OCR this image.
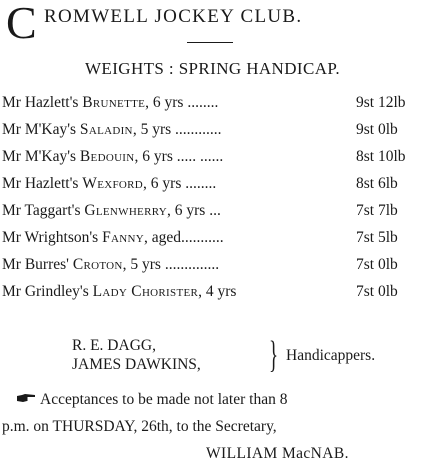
C ROMWELL JOCKEY CLUB.
WEIGHTS : SPRING HANDICAP.
Mr Hazlett's Brunette, 6 yrs ........	9st 12lb
Mr M'Kay's Saladin, 5 yrs ............	9st 0lb
Mr M'Kay's Bedouin, 6 yrs ..... ......	8st 10lb
Mr Hazlett's Wexford, 6 yrs ........	8st 6lb
Mr Taggart's Glenwherry, 6 yrs ...	7st 7lb
Mr Wrightson's Fanny, aged...........	7st 5lb
Mr Burres' Croton, 5 yrs ..............	7st 0lb
Mr Grindley's Lady Chorister, 4 yrs	7st 0lb
R. E. DAGG,
JAMES DAWKINS, } Handicappers.
Acceptances to be made not later than 8
p.m. on THURSDAY, 26th, to the Secretary,
WILLIAM MacNAB.
